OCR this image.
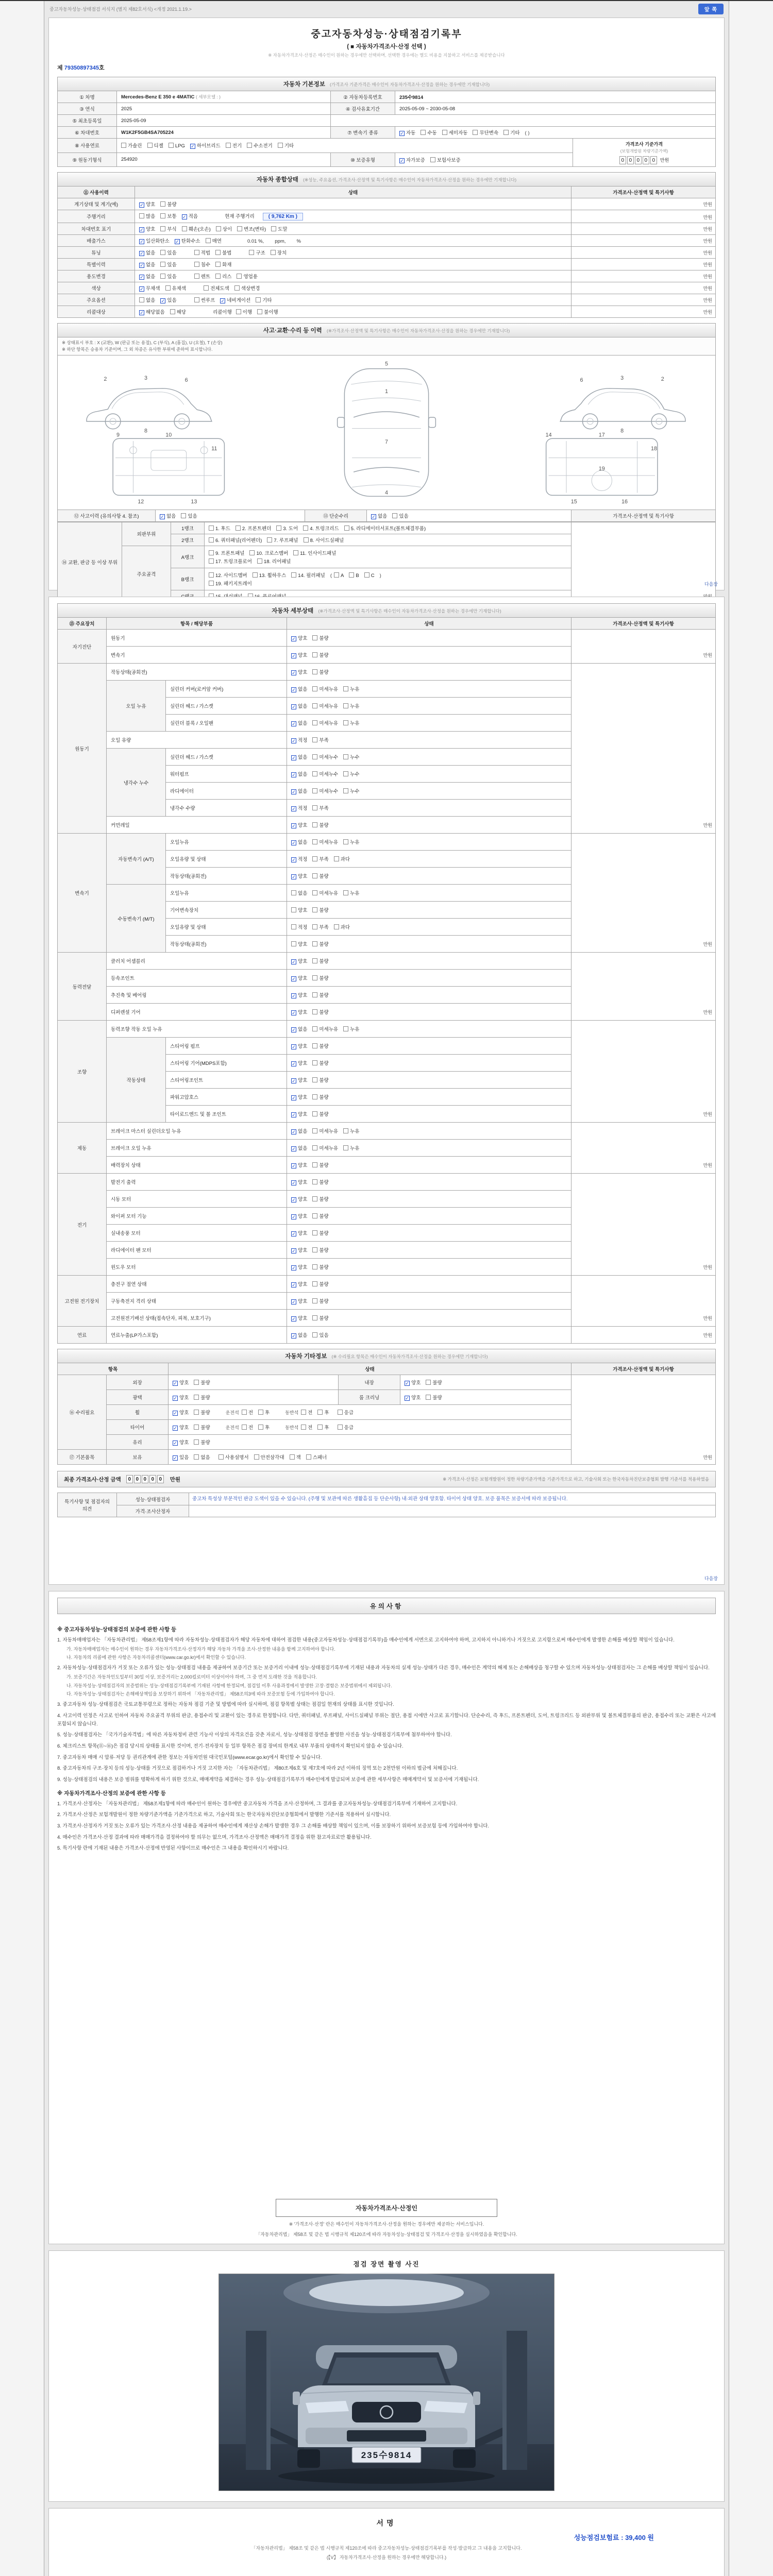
중고자동차성능·상태점검 서식지 (별지 제82호서식) <개정 2021.1.19.>	앞 쪽
중고자동차성능·상태점검기록부
( ■ 자동차가격조사·산정 선택 )
※ 자동차가격조사·산정은 매수인이 원하는 경우에만 선택하며, 선택한 경우에는 별도 비용을 지불하고 서비스를 제공받습니다
제 79350897345호
자동차 기본정보 (가격조사 기준가격은 매수인이 자동차가격조사·산정을 원하는 경우에만 기재합니다)
① 차명	Mercedes-Benz E 350 e 4MATIC ( 세부모델 : )	② 자동차등록번호	235수9814	
③ 연식	2025	④ 검사유효기간	2025-05-09 ~ 2030-05-08	
⑤ 최초등록일	2025-05-09			
⑥ 차대번호	W1K2F5GB4SA705224	⑦ 변속기 종류	✓ 자동 수동 세미자동 무단변속 기타 ( )	
⑧ 사용연료	가솔린 디젤 LPG ✓ 하이브리드 전기 수소전기 기타			가격조사 기준가격
(보험개발원 차량기준가액)
0 0 0 0 0 만원

⑨ 원동기형식	254920	⑩ 보증유형	✓ 자가보증 보험사보증	
자동차 종합상태 (※성능, 주요옵션, 가격조사·산정액 및 특기사항은 매수인이 자동차가격조사·산정을 원하는 경우에만 기재합니다)
⑪ 사용이력	상태	가격조사·산정액 및 특기사항
계기상태 및 계기(예)	✓ 양호 불량	만원
주행거리	많음 보통 ✓ 적음 현재 주행거리 ( 9,762 Km )	만원
차대번호 표기	✓ 양호 부식 훼손(오손) 상이 변조(변타) 도말	만원
배출가스	✓ 일산화탄소 ✓ 탄화수소 매연 0.01 %,        ppm,        %	만원
튜닝	✓ 없음 있음 적법 불법 구조 장치	만원
특별이력	✓ 없음 있음 침수 화재	만원
용도변경	✓ 없음 있음 렌트 리스 영업용	만원
색상	✓ 무채색 유채색 전체도색 색상변경	만원
주요옵션	없음 ✓ 있음 썬루프 ✓ 네비게이션 기타	만원
리콜대상	✓ 해당없음 해당 리콜이행 이행 불이행	만원
사고·교환·수리 등 이력 (※가격조사·산정액 및 특기사항은 매수인이 자동차가격조사·산정을 원하는 경우에만 기재합니다)
※ 상태표시 부호 : X (교환), W (판금 또는 용접), C (부식), A (흠집), U (요철), T (손상)
※ 하단 항목은 승용차 기준이며, 그 외 차종은 유사한 부위에 준하여 표시합니다.
1
4
5
7
2	3	6
8
2
3
6
8
9	10
11
12	13
14
15	16
17
18
19
⑫ 사고이력 (유의사항 4. 참조)	✓ 없음 있음	⑬ 단순수리	✓ 없음 있음	가격조사·산정액 및 특기사항
⑭ 교환, 판금 등 이상 부위	외판부위	1랭크	1. 후드 2. 프론트펜더 3. 도어 4. 트렁크리드 5. 라디에이터서포트(볼트체결부품)	
		2랭크	6. 쿼터패널(리어펜더) 7. 루프패널 8. 사이드실패널	
	주요골격	A랭크	9. 프론트패널 10. 크로스멤버 11. 인사이드패널
17. 트렁크플로어 18. 리어패널	

		B랭크	12. 사이드멤버 13. 휠하우스 14. 필러패널 ( A B C )
19. 패키지트레이	

		다음장
자동차 세부상태 (※가격조사·산정액 및 특기사항은 매수인이 자동차가격조사·산정을 원하는 경우에만 기재합니다)
⑮ 주요장치	항목 / 해당부품		상태	가격조사·산정액 및 특기사항
자기진단	원동기		✓ 양호 불량	만원
	변속기		✓ 양호 불량	
원동기	작동상태(공회전)		✓ 양호 불량	만원
	오일 누유	실린더 커버(로커암 커버)	✓ 없음 미세누유 누유	
		실린더 헤드 / 가스켓	✓ 없음 미세누유 누유	
		실린더 블록 / 오일팬	✓ 없음 미세누유 누유	
	오일 유량		✓ 적정 부족	
	냉각수 누수	실린더 헤드 / 가스켓	✓ 없음 미세누수 누수	
		워터펌프	✓ 없음 미세누수 누수	
		라디에이터	✓ 없음 미세누수 누수	
		냉각수 수량	✓ 적정 부족	
	커먼레일		✓ 양호 불량	
변속기	자동변속기 (A/T)	오일누유	✓ 없음 미세누유 누유	만원
		오일유량 및 상태	✓ 적정 부족 과다	
		작동상태(공회전)	✓ 양호 불량	
	수동변속기 (M/T)	오일누유	없음 미세누유 누유	
		기어변속장치	양호 불량	
		오일유량 및 상태	적정 부족 과다	
		작동상태(공회전)	양호 불량	
동력전달	클러치 어셈블리		✓ 양호 불량	만원
	등속조인트		✓ 양호 불량	
	추진축 및 베어링		✓ 양호 불량	
	디퍼렌셜 기어		✓ 양호 불량	
조향	동력조향 작동 오일 누유		✓ 없음 미세누유 누유	만원
	작동상태	스티어링 펌프	✓ 양호 불량	
		스티어링 기어(MDPS포함)	✓ 양호 불량	
		스티어링조인트	✓ 양호 불량	
		파워고압호스	✓ 양호 불량	
		타이로드엔드 및 볼 조인트	✓ 양호 불량	
제동	브레이크 마스터 실린더오일 누유		✓ 없음 미세누유 누유	만원
	브레이크 오일 누유		✓ 없음 미세누유 누유	
	배력장치 상태		✓ 양호 불량	
전기	발전기 출력		✓ 양호 불량	만원
	시동 모터		✓ 양호 불량	
	와이퍼 모터 기능		✓ 양호 불량	
	실내송풍 모터		✓ 양호 불량	
	라디에이터 팬 모터		✓ 양호 불량	
	윈도우 모터		✓ 양호 불량	
고전원 전기장치	충전구 절연 상태		✓ 양호 불량	만원
	구동축전지 격리 상태		✓ 양호 불량	
	고전원전기배선 상태(접속단자, 피복, 보호기구)		✓ 양호 불량	
연료	연료누출(LP가스포함)		✓ 없음 있음	만원
자동차 기타정보 (※ 수리필요 항목은 매수인이 자동차가격조사·산정을 원하는 경우에만 기재합니다)
항목		상태			가격조사·산정액 및 특기사항
⑯ 수리필요	외장	✓ 양호 불량	내장	✓ 양호 불량	만원
	광택	✓ 양호 불량	룸 크리닝	✓ 양호 불량	
	휠	✓ 양호 불량 운전석 전 후 동반석 전 후 응급			
	타이어	✓ 양호 불량 운전석 전 후 동반석 전 후 응급			
	유리	✓ 양호 불량			
⑰ 기본품목	보유	✓ 있음 없음 사용설명서 안전삼각대 잭 스패너			
최종 가격조사·산정 금액	0 0 0 0 0	만원	※ 가격조사·산정은 보험개발원이 정한 차량기준가액을 기준가격으로 하고, 기술사회 또는 한국자동차진단보증협회 발행 기준서를 적용하였음
특기사항 및 점검자의 의견	성능·상태점검자	중고차 특성상 부분적인 판금 도색이 있을 수 있습니다. (주행 및 보관에 따른 생활흠집 등 단순사항) 내·외관 상태 양호함. 타이어 상태 양호. 보증 품목은 보증서에 따라 보증됩니다.
	가격·조사산정자	
다음장
유의사항
※ 중고자동차성능·상태점검의 보증에 관한 사항 등
1. 자동차매매업자는 「자동차관리법」 제58조제1항에 따라 자동차성능·상태점검자가 해당 자동차에 대하여 점검한 내용(중고자동차성능·상태점검기록부)을 매수인에게 서면으로 고지하여야 하며, 고지하지 아니하거나 거짓으로 고지함으로써 매수인에게 발생한 손해를 배상할 책임이 있습니다.
가. 자동차매매업자는 매수인이 원하는 경우 자동차가격조사·산정자가 해당 자동차 가격을 조사·산정한 내용을 함께 고지하여야 합니다.
나. 자동차의 리콜에 관한 사항은 자동차리콜센터(www.car.go.kr)에서 확인할 수 있습니다.
2. 자동차성능·상태점검자가 거짓 또는 오류가 있는 성능·상태점검 내용을 제공하여 보증기간 또는 보증거리 이내에 성능·상태점검기록부에 기재된 내용과 자동차의 실제 성능·상태가 다른 경우, 매수인은 계약의 해제 또는 손해배상을 청구할 수 있으며 자동차성능·상태점검자는 그 손해를 배상할 책임이 있습니다.
가. 보증기간은 자동차인도일부터 30일 이상, 보증거리는 2,000킬로미터 이상이어야 하며, 그 중 먼저 도래한 것을 적용합니다.
나. 자동차성능·상태점검자의 보증범위는 성능·상태점검기록부에 기재된 사항에 한정되며, 점검일 이후 사용과정에서 발생한 고장·결함은 보증범위에서 제외됩니다.
다. 자동차성능·상태점검자는 손해배상책임을 보장하기 위하여 「자동차관리법」 제58조의3에 따라 보증보험 등에 가입하여야 합니다.
3. 중고자동차 성능·상태점검은 국토교통부령으로 정하는 자동차 점검 기준 및 방법에 따라 실시하며, 점검 항목별 상태는 점검일 현재의 상태를 표시한 것입니다.
4. 사고이력 인정은 사고로 인하여 자동차 주요골격 부위의 판금, 용접수리 및 교환이 있는 경우로 한정합니다. 다만, 쿼터패널, 루프패널, 사이드실패널 부위는 절단, 용접 시에만 사고로 표기합니다. 단순수리, 즉 후드, 프론트펜더, 도어, 트렁크리드 등 외판부위 및 볼트체결부품의 판금, 용접수리 또는 교환은 사고에 포함되지 않습니다.
5. 성능·상태점검자는 「국가기술자격법」에 따른 자동차정비 관련 기능사 이상의 자격요건을 갖춘 자로서, 성능·상태점검 장면을 촬영한 사진을 성능·상태점검기록부에 첨부하여야 합니다.
6. 체크리스트 항목(⑪~⑯)은 점검 당시의 상태를 표시한 것이며, 전기·전자장치 등 일부 항목은 점검 장비의 한계로 내부 부품의 상태까지 확인되지 않을 수 있습니다.
7. 중고자동차 매매 시 압류·저당 등 권리관계에 관한 정보는 자동차민원 대국민포털(www.ecar.go.kr)에서 확인할 수 있습니다.
8. 중고자동차의 구조·장치 등의 성능·상태를 거짓으로 점검하거나 거짓 고지한 자는 「자동차관리법」 제80조제6호 및 제7호에 따라 2년 이하의 징역 또는 2천만원 이하의 벌금에 처해집니다.
9. 성능·상태점검의 내용은 보증 범위를 명확하게 하기 위한 것으로, 매매계약을 체결하는 경우 성능·상태점검기록부가 매수인에게 발급되며 보증에 관한 세부사항은 매매계약서 및 보증서에 기재됩니다.
※ 자동차가격조사·산정의 보증에 관한 사항 등
1. 가격조사·산정자는 「자동차관리법」 제58조제1항에 따라 매수인이 원하는 경우에만 중고자동차 가격을 조사·산정하며, 그 결과를 중고자동차성능·상태점검기록부에 기재하여 고지합니다.
2. 가격조사·산정은 보험개발원이 정한 차량기준가액을 기준가격으로 하고, 기술사회 또는 한국자동차진단보증협회에서 발행한 기준서를 적용하여 실시합니다.
3. 가격조사·산정자가 거짓 또는 오류가 있는 가격조사·산정 내용을 제공하여 매수인에게 재산상 손해가 발생한 경우 그 손해를 배상할 책임이 있으며, 이를 보장하기 위하여 보증보험 등에 가입하여야 합니다.
4. 매수인은 가격조사·산정 결과에 따라 매매가격을 결정하여야 할 의무는 없으며, 가격조사·산정액은 매매가격 결정을 위한 참고자료로만 활용됩니다.
5. 특기사항 란에 기재된 내용은 가격조사·산정에 반영된 사항이므로 매수인은 그 내용을 확인하시기 바랍니다.
자동차가격조사·산정인
※ '가격조사·산정' 란은 매수인이 자동차가격조사·산정을 원하는 경우에만 제공하는 서비스입니다.
「자동차관리법」 제58조 및 같은 법 시행규칙 제120조에 따라 자동차성능·상태점검 및 가격조사·산정을 실시하였음을 확인합니다.
점검 장면 촬영 사진
235수9814
서명
성능점검보험료 : 39,400 원
「자동차관리법」 제58조 및 같은 법 시행규칙 제120조에 따라 중고자동차성능·상태점검기록부를 작성·발급하고 그 내용을 고지합니다.
(【V】 자동차가격조사·산정을 원하는 경우에만 해당합니다.)
